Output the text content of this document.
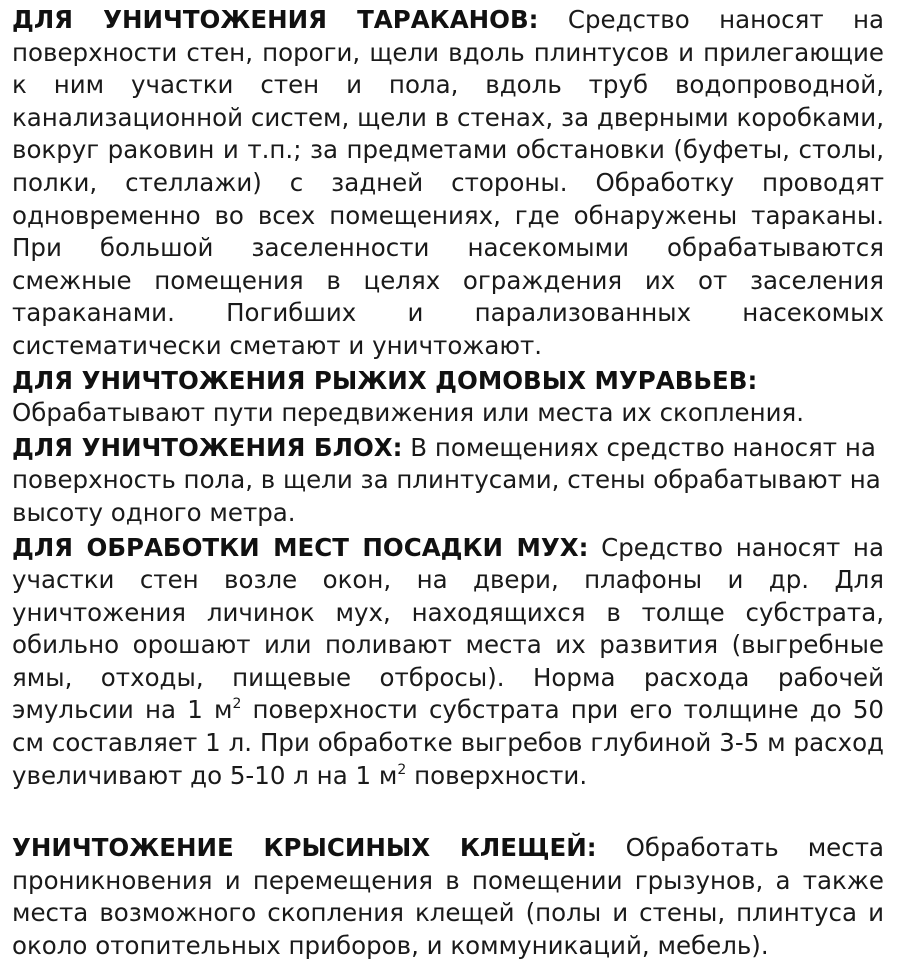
ДЛЯ УНИЧТОЖЕНИЯ ТАРАКАНОВ: Средство наносят на поверхности стен, пороги, щели вдоль плинтусов и прилегающие к ним участки стен и пола, вдоль труб водопроводной, канализационной систем, щели в стенах, за дверными коробками, вокруг раковин и т.п.; за предметами обстановки (буфеты, столы, полки, стеллажи) с задней стороны. Обработку проводят одновременно во всех помещениях, где обнаружены тараканы. При большой заселенности насекомыми обрабатываются смежные помещения в целях ограждения их от заселения тараканами. Погибших и парализованных насекомых систематически сметают и уничтожают.

ДЛЯ УНИЧТОЖЕНИЯ РЫЖИХ ДОМОВЫХ МУРАВЬЕВ:
Обрабатывают пути передвижения или места их скопления.

ДЛЯ УНИЧТОЖЕНИЯ БЛОХ: В помещениях средство наносят на поверхность пола, в щели за плинтусами, стены обрабатывают на высоту одного метра.

ДЛЯ ОБРАБОТКИ МЕСТ ПОСАДКИ МУХ: Средство наносят на участки стен возле окон, на двери, плафоны и др. Для уничтожения личинок мух, находящихся в толще субстрата, обильно орошают или поливают места их развития (выгребные ямы, отходы, пищевые отбросы). Норма расхода рабочей эмульсии на 1 $м^2$ поверхности субстрата при его толщине до 50 см составляет 1 л. При обработке выгребов глубиной 3-5 м расход увеличивают до 5-10 л на 1 $м^2$ поверхности.

УНИЧТОЖЕНИЕ КРЫСИНЫХ КЛЕЩЕЙ: Обработать места проникновения и перемещения в помещении грызунов, а также места возможного скопления клещей (полы и стены, плинтуса и около отопительных приборов, и коммуникаций, мебель).
